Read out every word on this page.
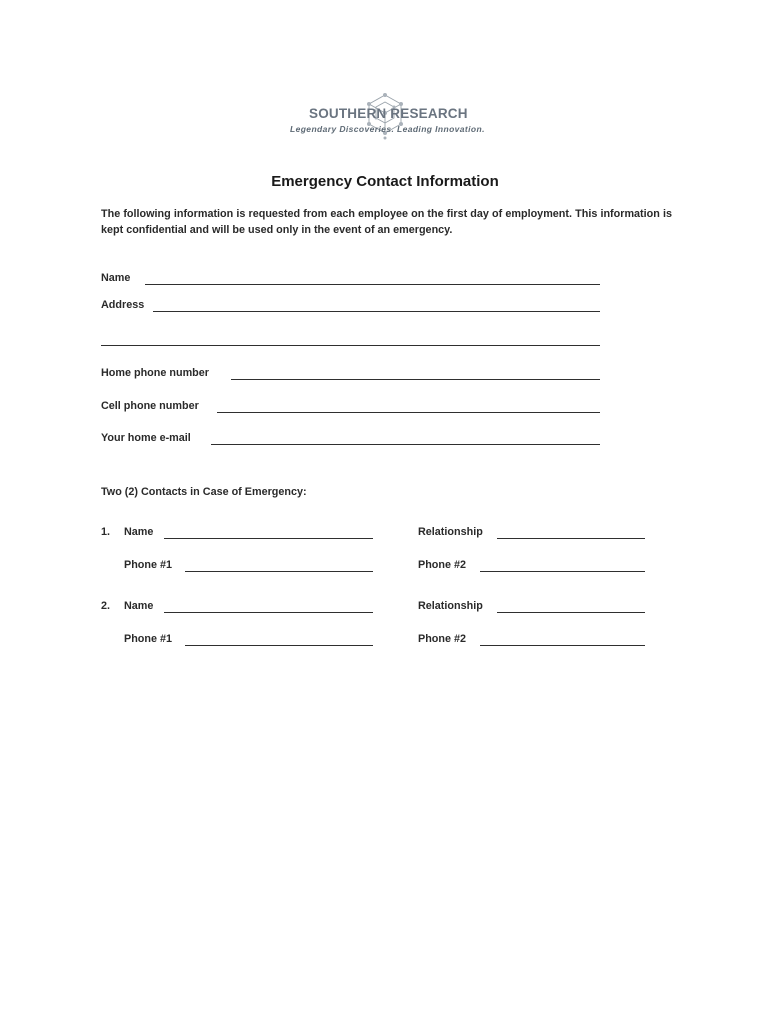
SOUTHERN RESEARCH
Legendary Discoveries. Leading Innovation.
Emergency Contact Information
The following information is requested from each employee on the first day of employment. This information is kept confidential and will be used only in the event of an emergency.
Name
Address
Home phone number
Cell phone number
Your home e-mail
Two (2) Contacts in Case of Emergency:
1. Name	Relationship
Phone #1	Phone #2
2. Name	Relationship
Phone #1	Phone #2
